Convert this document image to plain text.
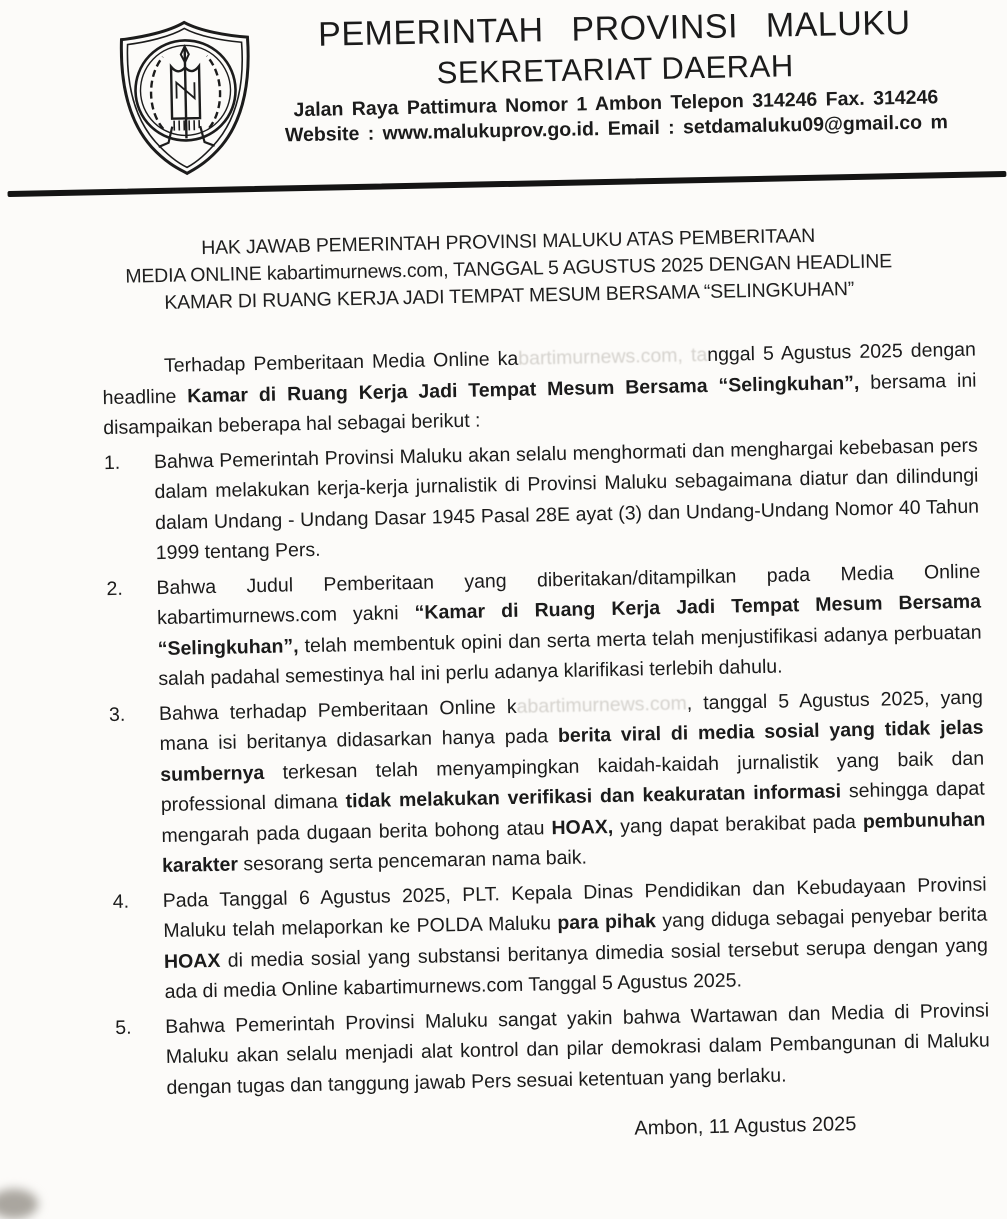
PEMERINTAH PROVINSI MALUKU
SEKRETARIAT DAERAH
Jalan Raya Pattimura Nomor 1 Ambon Telepon 314246 Fax. 314246
Website : www.malukuprov.go.id. Email : setdamaluku09@gmail.co m
HAK JAWAB PEMERINTAH PROVINSI MALUKU ATAS PEMBERITAAN
MEDIA ONLINE kabartimurnews.com, TANGGAL 5 AGUSTUS 2025 DENGAN HEADLINE
KAMAR DI RUANG KERJA JADI TEMPAT MESUM BERSAMA “SELINGKUHAN”

Terhadap Pemberitaan Media Online kabartimurnews.com, tanggal 5 Agustus 2025 dengan headline Kamar di Ruang Kerja Jadi Tempat Mesum Bersama “Selingkuhan”, bersama ini disampaikan beberapa hal sebagai berikut :

1.	Bahwa Pemerintah Provinsi Maluku akan selalu menghormati dan menghargai kebebasan pers dalam melakukan kerja-kerja jurnalistik di Provinsi Maluku sebagaimana diatur dan dilindungi dalam Undang - Undang Dasar 1945 Pasal 28E ayat (3) dan Undang-Undang Nomor 40 Tahun 1999 tentang Pers.
2.	Bahwa Judul Pemberitaan yang diberitakan/ditampilkan pada Media Online kabartimurnews.com yakni “Kamar di Ruang Kerja Jadi Tempat Mesum Bersama “Selingkuhan”, telah membentuk opini dan serta merta telah menjustifikasi adanya perbuatan salah padahal semestinya hal ini perlu adanya klarifikasi terlebih dahulu.
3.	Bahwa terhadap Pemberitaan Online kabartimurnews.com, tanggal 5 Agustus 2025, yang mana isi beritanya didasarkan hanya pada berita viral di media sosial yang tidak jelas sumbernya terkesan telah menyampingkan kaidah-kaidah jurnalistik yang baik dan professional dimana tidak melakukan verifikasi dan keakuratan informasi sehingga dapat mengarah pada dugaan berita bohong atau HOAX, yang dapat berakibat pada pembunuhan karakter sesorang serta pencemaran nama baik.
4.	Pada Tanggal 6 Agustus 2025, PLT. Kepala Dinas Pendidikan dan Kebudayaan Provinsi Maluku telah melaporkan ke POLDA Maluku para pihak yang diduga sebagai penyebar berita HOAX di media sosial yang substansi beritanya dimedia sosial tersebut serupa dengan yang ada di media Online kabartimurnews.com Tanggal 5 Agustus 2025.
5.	Bahwa Pemerintah Provinsi Maluku sangat yakin bahwa Wartawan dan Media di Provinsi Maluku akan selalu menjadi alat kontrol dan pilar demokrasi dalam Pembangunan di Maluku dengan tugas dan tanggung jawab Pers sesuai ketentuan yang berlaku.
Ambon, 11 Agustus 2025
